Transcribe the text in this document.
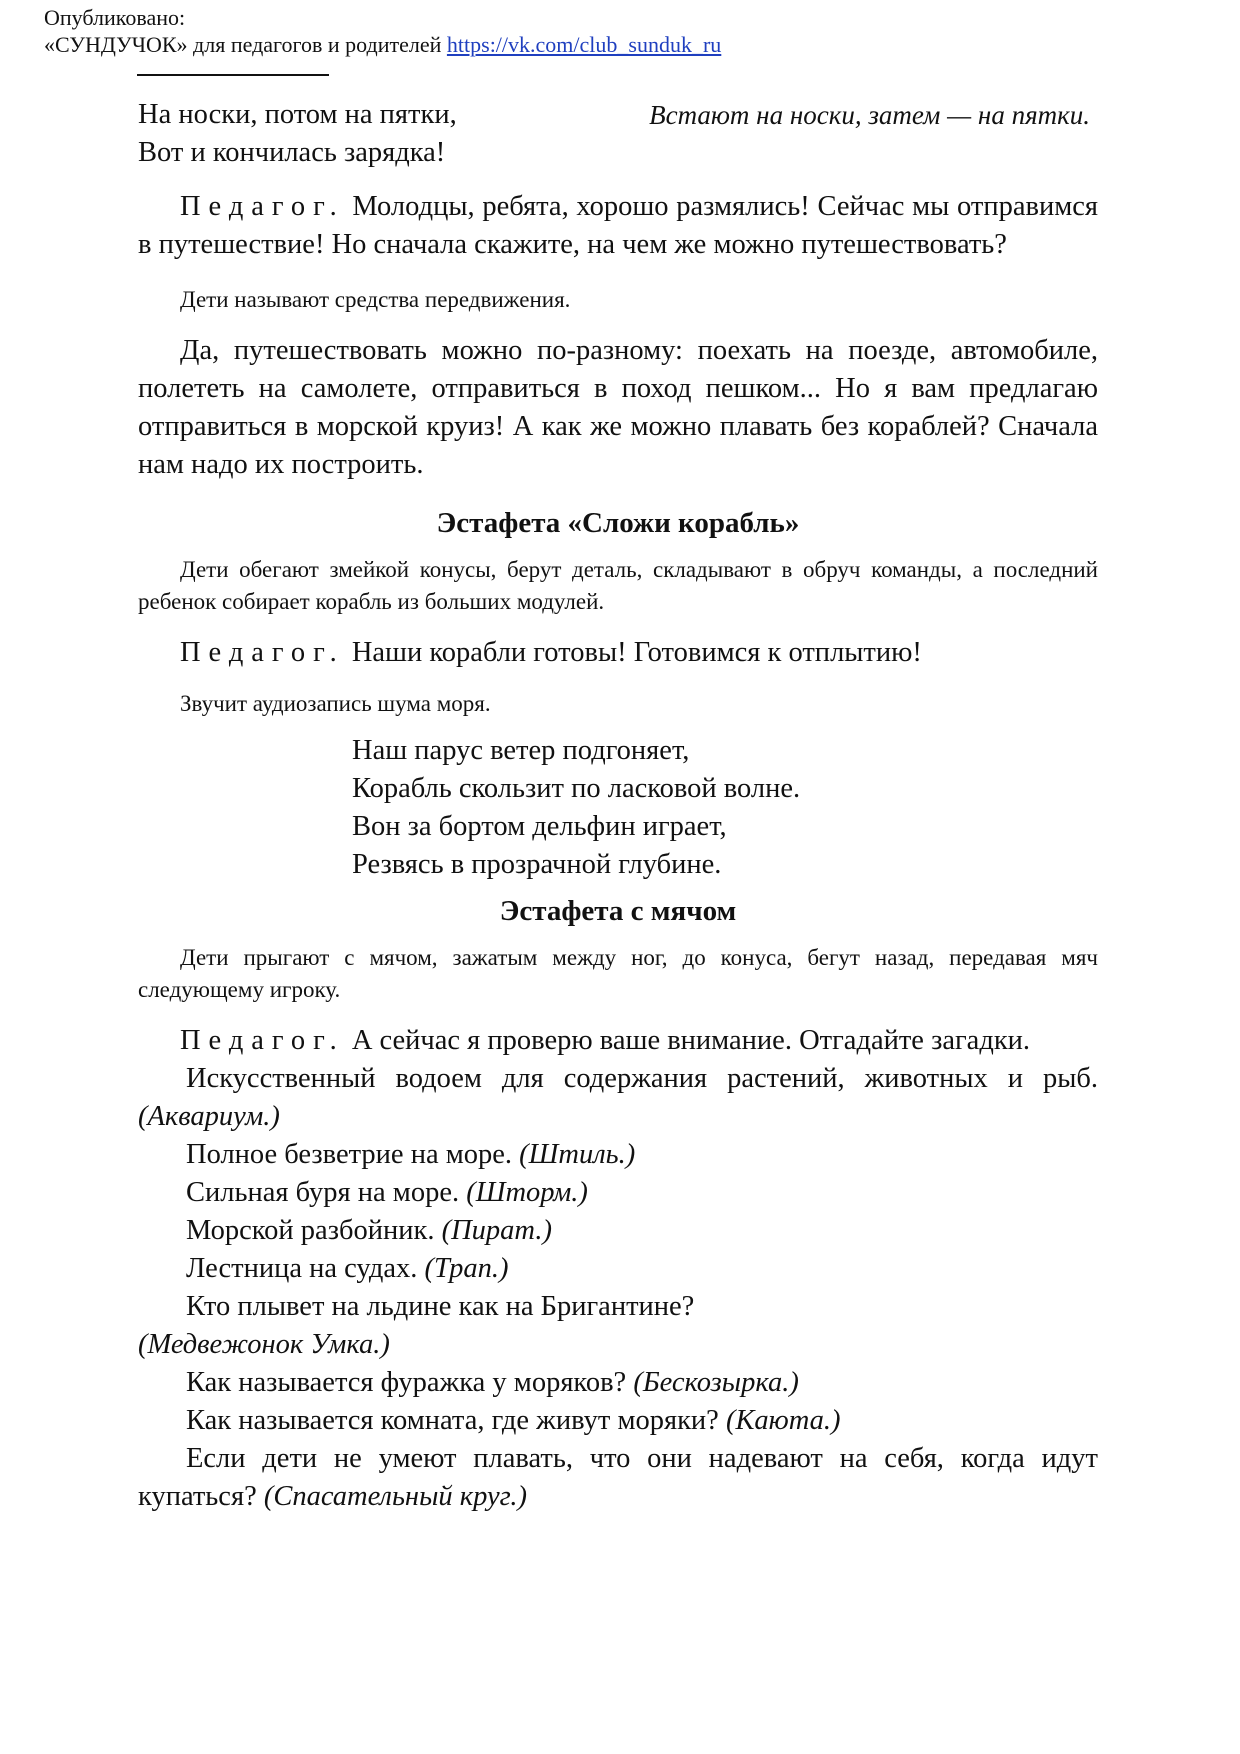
Опубликовано:
«СУНДУЧОК» для педагогов и родителей https://vk.com/club_sunduk_ru
На носки, потом на пятки,	Встают на носки, затем — на пятки.

Вот и кончилась зарядка!

Педагог. Молодцы, ребята, хорошо размялись! Сейчас мы отправимся в путешествие! Но сначала скажите, на чем же можно путешествовать?

Дети называют средства передвижения.

Да, путешествовать можно по-разному: поехать на поезде, автомобиле, полететь на самолете, отправиться в поход пешком... Но я вам предлагаю отправиться в морской круиз! А как же можно плавать без кораблей? Сначала нам надо их построить.

Эстафета «Сложи корабль»

Дети обегают змейкой конусы, берут деталь, складывают в обруч команды, а последний ребенок собирает корабль из больших модулей.

Педагог. Наши корабли готовы! Готовимся к отплытию!

Звучит аудиозапись шума моря.

Наш парус ветер подгоняет,

Корабль скользит по ласковой волне.

Вон за бортом дельфин играет,

Резвясь в прозрачной глубине.

Эстафета с мячом

Дети прыгают с мячом, зажатым между ног, до конуса, бегут назад, передавая мяч следующему игроку.

Педагог. А сейчас я проверю ваше внимание. Отгадайте загадки.

Искусственный водоем для содержания растений, животных и рыб. (Аквариум.)

Полное безветрие на море. (Штиль.)

Сильная буря на море. (Шторм.)

Морской разбойник. (Пират.)

Лестница на судах. (Трап.)

Кто плывет на льдине как на Бригантине?
(Медвежонок Умка.)

Как называется фуражка у моряков? (Бескозырка.)

Как называется комната, где живут моряки? (Каюта.)

Если дети не умеют плавать, что они надевают на себя, когда идут купаться? (Спасательный круг.)
